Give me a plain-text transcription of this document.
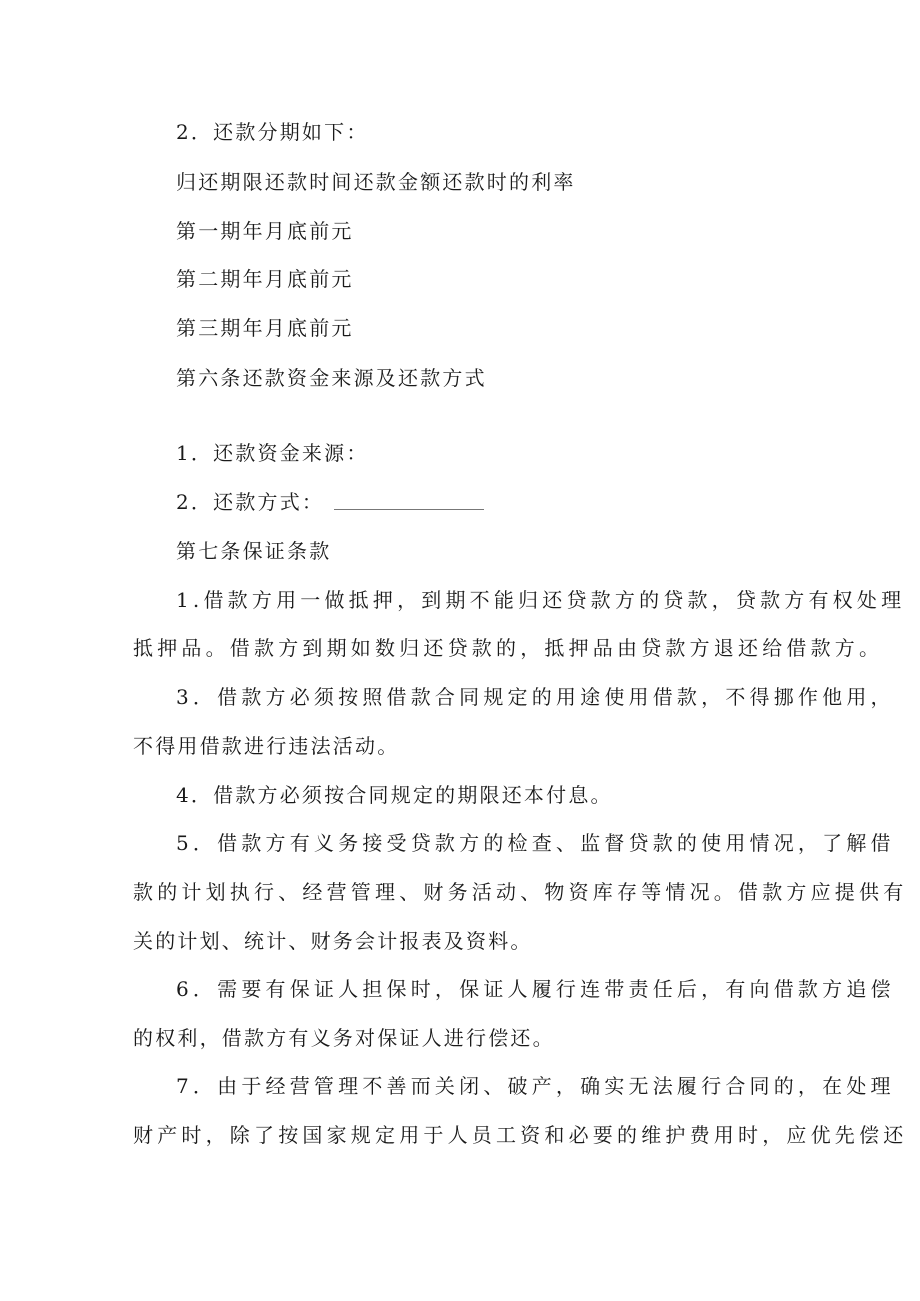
2．还款分期如下：

归还期限还款时间还款金额还款时的利率

第一期年月底前元

第二期年月底前元

第三期年月底前元

第六条还款资金来源及还款方式

1．还款资金来源：

2．还款方式：

第七条保证条款

1.借款方用一做抵押，到期不能归还贷款方的贷款，贷款方有权处理

抵押品。借款方到期如数归还贷款的，抵押品由贷款方退还给借款方。

3．借款方必须按照借款合同规定的用途使用借款，不得挪作他用，

不得用借款进行违法活动。

4．借款方必须按合同规定的期限还本付息。

5．借款方有义务接受贷款方的检查、监督贷款的使用情况，了解借

款的计划执行、经营管理、财务活动、物资库存等情况。借款方应提供有

关的计划、统计、财务会计报表及资料。

6．需要有保证人担保时，保证人履行连带责任后，有向借款方追偿

的权利，借款方有义务对保证人进行偿还。

7．由于经营管理不善而关闭、破产，确实无法履行合同的，在处理

财产时，除了按国家规定用于人员工资和必要的维护费用时，应优先偿还
